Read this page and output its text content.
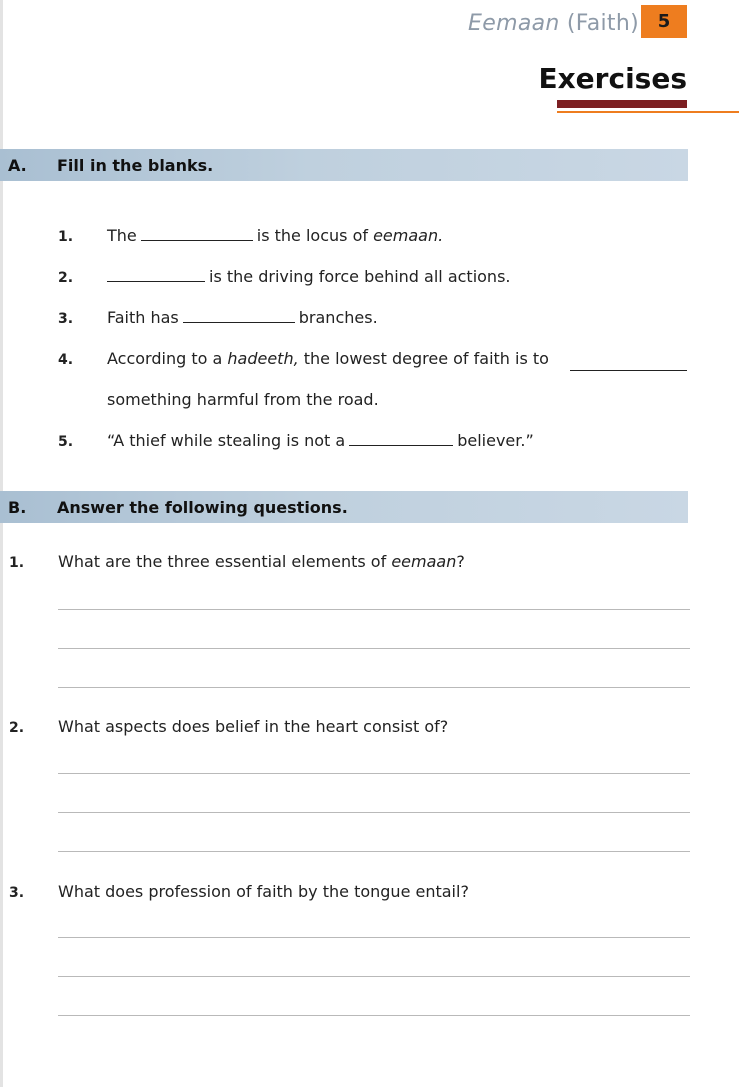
Eemaan (Faith) 5
Exercises
A. Fill in the blanks.
1. The	is the locus of eemaan.
2.	is the driving force behind all actions.
3. Faith has	branches.
4. According to a hadeeth, the lowest degree of faith is to
something harmful from the road.
5. “A thief while stealing is not a	believer.”
B. Answer the following questions.
1. What are the three essential elements of eemaan?
2. What aspects does belief in the heart consist of?
3. What does profession of faith by the tongue entail?
